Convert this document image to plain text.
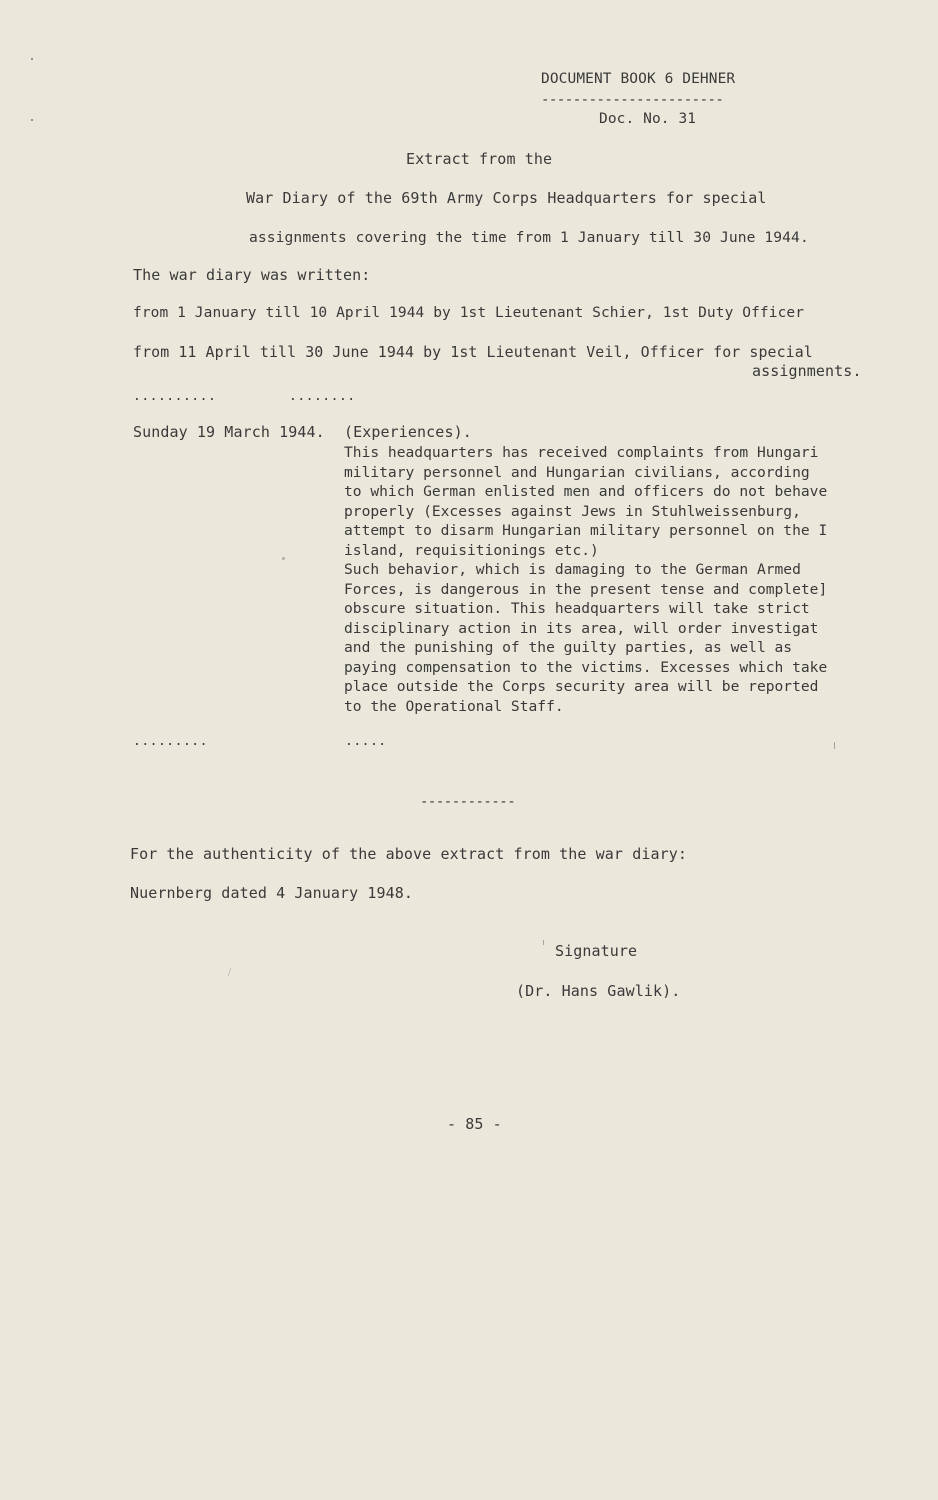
DOCUMENT BOOK 6 DEHNER
-----------------------
Doc. No. 31
Extract from the
War Diary of the 69th Army Corps Headquarters for special
assignments covering the time from 1 January till 30 June 1944.
The war diary was written:
from 1 January till 10 April 1944 by 1st Lieutenant Schier, 1st Duty Officer
from 11 April till 30 June 1944 by 1st Lieutenant Veil, Officer for special
assignments.
..........	........
Sunday 19 March 1944. (Experiences).
This headquarters has received complaints from Hungari
military personnel and Hungarian civilians, according
to which German enlisted men and officers do not behave
properly (Excesses against Jews in Stuhlweissenburg,
attempt to disarm Hungarian military personnel on the I
island, requisitionings etc.)
Such behavior, which is damaging to the German Armed
Forces, is dangerous in the present tense and complete]
obscure situation. This headquarters will take strict
disciplinary action in its area, will order investigat
and the punishing of the guilty parties, as well as
paying compensation to the victims. Excesses which take
place outside the Corps security area will be reported
to the Operational Staff.
.........	.....
------------
For the authenticity of the above extract from the war diary:
Nuernberg dated 4 January 1948.
Signature
(Dr. Hans Gawlik).
- 85 -
